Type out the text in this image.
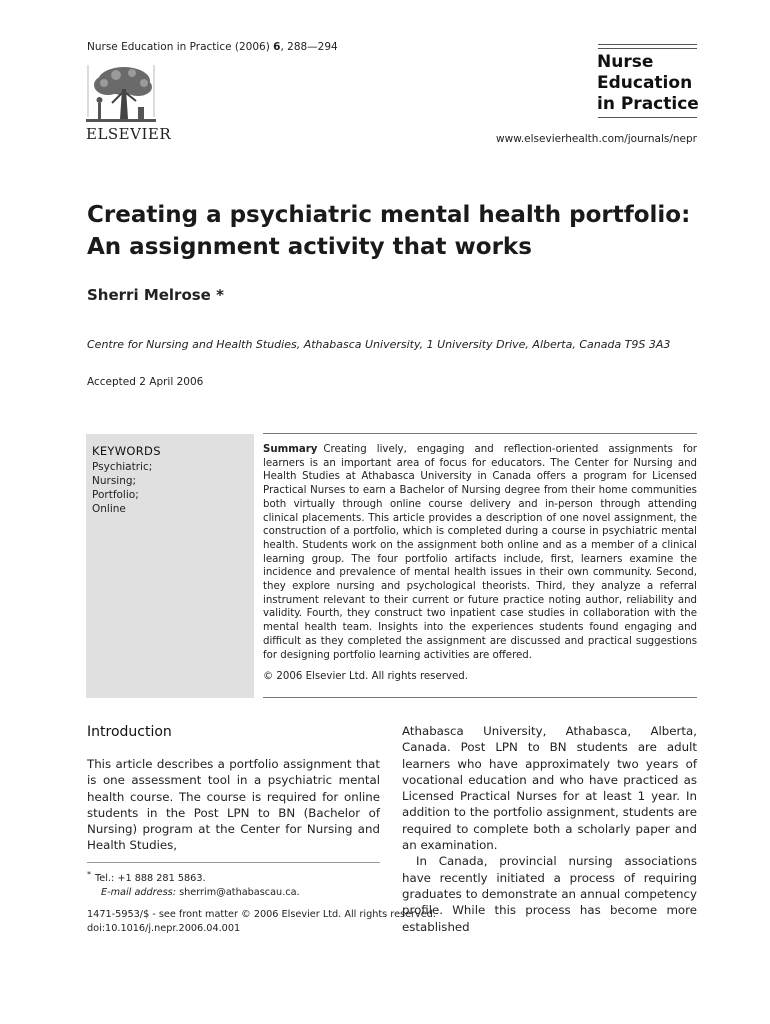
Nurse Education in Practice (2006) 6, 288—294
Nurse
Education
in Practice
ELSEVIER	www.elsevierhealth.com/journals/nepr
Creating a psychiatric mental health portfolio:
An assignment activity that works
Sherri Melrose *
Centre for Nursing and Health Studies, Athabasca University, 1 University Drive, Alberta, Canada T9S 3A3
Accepted 2 April 2006
KEYWORDS
Psychiatric;
Nursing;
Portfolio;
Online
Summary Creating lively, engaging and reflection-oriented assignments for learners is an important area of focus for educators. The Center for Nursing and Health Studies at Athabasca University in Canada offers a program for Licensed Practical Nurses to earn a Bachelor of Nursing degree from their home communities both virtually through online course delivery and in-person through attending clinical placements. This article provides a description of one novel assignment, the construction of a portfolio, which is completed during a course in psychiatric mental health. Students work on the assignment both online and as a member of a clinical learning group. The four portfolio artifacts include, first, learners examine the incidence and prevalence of mental health issues in their own community. Second, they explore nursing and psychological theorists. Third, they analyze a referral instrument relevant to their current or future practice noting author, reliability and validity. Fourth, they construct two inpatient case studies in collaboration with the mental health team. Insights into the experiences students found engaging and difficult as they completed the assignment are discussed and practical suggestions for designing portfolio learning activities are offered.
© 2006 Elsevier Ltd. All rights reserved.
Introduction
This article describes a portfolio assignment that is one assessment tool in a psychiatric mental health course. The course is required for online students in the Post LPN to BN (Bachelor of Nursing) program at the Center for Nursing and Health Studies,
Athabasca University, Athabasca, Alberta, Canada. Post LPN to BN students are adult learners who have approximately two years of vocational education and who have practiced as Licensed Practical Nurses for at least 1 year. In addition to the portfolio assignment, students are required to complete both a scholarly paper and an examination.
In Canada, provincial nursing associations have recently initiated a process of requiring graduates to demonstrate an annual competency profile. While this process has become more established
* Tel.: +1 888 281 5863.
E-mail address: sherrim@athabascau.ca.
1471-5953/$ - see front matter © 2006 Elsevier Ltd. All rights reserved.
doi:10.1016/j.nepr.2006.04.001
